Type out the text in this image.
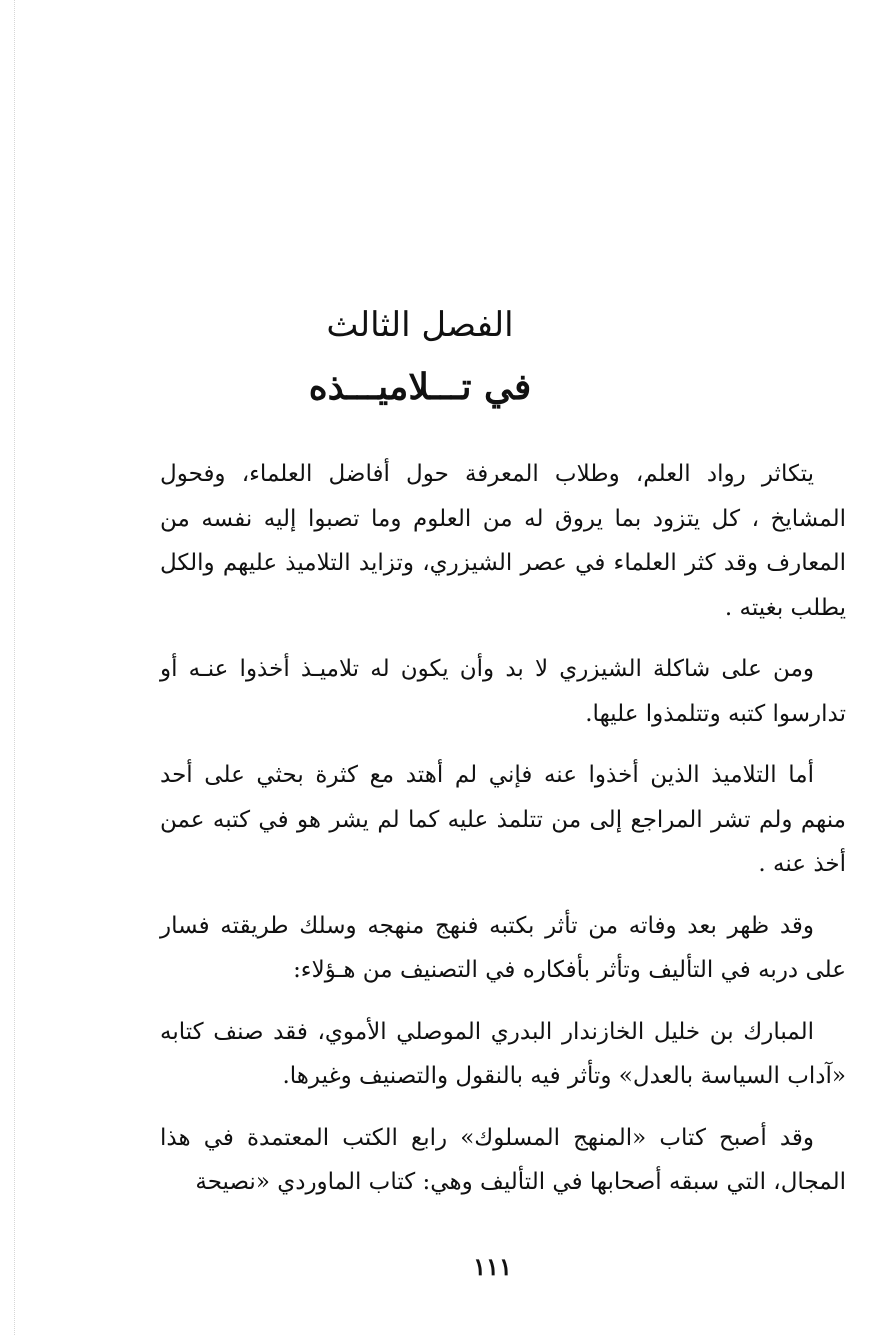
الفصل الثالث
في تـــلاميـــذه

يتكاثر رواد العلم، وطلاب المعرفة حول أفاضل العلماء، وفحول المشايخ ، كل يتزود بما يروق له من العلوم وما تصبوا إليه نفسه من المعارف وقد كثر العلماء في عصر الشيزري، وتزايد التلاميذ عليهم والكل يطلب بغيته .

ومن على شاكلة الشيزري لا بد وأن يكون له تلاميـذ أخذوا عنـه أو تدارسوا كتبه وتتلمذوا عليها.

أما التلاميذ الذين أخذوا عنه فإني لم أهتد مع كثرة بحثي على أحد منهم ولم تشر المراجع إلى من تتلمذ عليه كما لم يشر هو في كتبه عمن أخذ عنه .

وقد ظهر بعد وفاته من تأثر بكتبه فنهج منهجه وسلك طريقته فسار على دربه في التأليف وتأثر بأفكاره في التصنيف من هـؤلاء:

المبارك بن خليل الخازندار البدري الموصلي الأموي، فقد صنف كتابه «آداب السياسة بالعدل» وتأثر فيه بالنقول والتصنيف وغيرها.

وقد أصبح كتاب «المنهج المسلوك» رابع الكتب المعتمدة في هذا المجال، التي سبقه أصحابها في التأليف وهي: كتاب الماوردي «نصيحة

١١١
